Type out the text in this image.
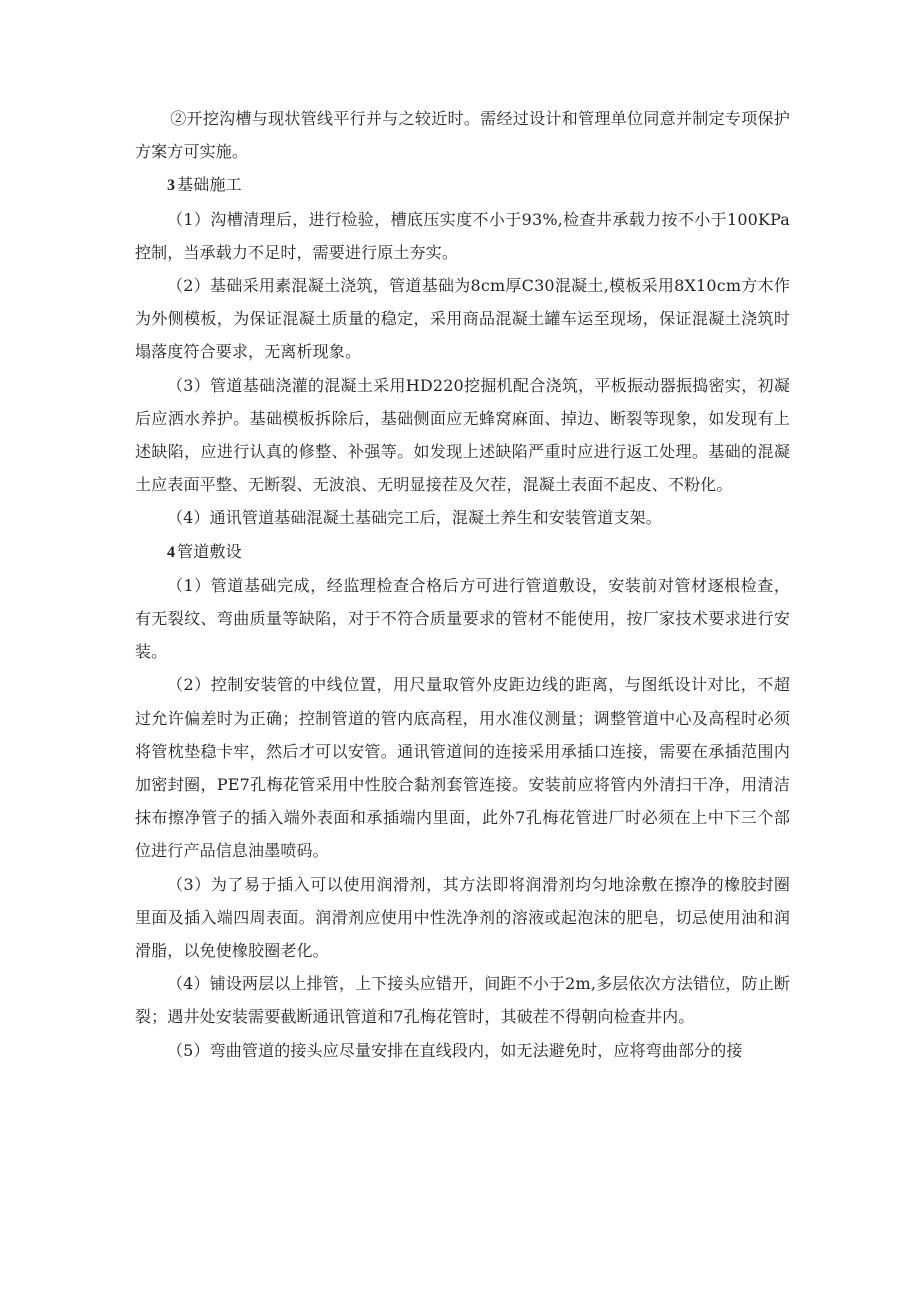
②开挖沟槽与现状管线平行并与之较近时。需经过设计和管理单位同意并制定专项保护方案方可实施。

3 基础施工

（1）沟槽清理后，进行检验，槽底压实度不小于93%,检查井承载力按不小于100KPa控制，当承载力不足时，需要进行原土夯实。

（2）基础采用素混凝土浇筑，管道基础为8cm厚C30混凝土,模板采用8X10cm方木作为外侧模板，为保证混凝土质量的稳定，采用商品混凝土罐车运至现场，保证混凝土浇筑时塌落度符合要求，无离析现象。

（3）管道基础浇灌的混凝土采用HD220挖掘机配合浇筑，平板振动器振捣密实，初凝后应洒水养护。基础模板拆除后，基础侧面应无蜂窝麻面、掉边、断裂等现象，如发现有上述缺陷，应进行认真的修整、补强等。如发现上述缺陷严重时应进行返工处理。基础的混凝土应表面平整、无断裂、无波浪、无明显接茬及欠茬，混凝土表面不起皮、不粉化。

（4）通讯管道基础混凝土基础完工后，混凝土养生和安装管道支架。

4 管道敷设

（1）管道基础完成，经监理检查合格后方可进行管道敷设，安装前对管材逐根检查，有无裂纹、弯曲质量等缺陷，对于不符合质量要求的管材不能使用，按厂家技术要求进行安装。

（2）控制安装管的中线位置，用尺量取管外皮距边线的距离，与图纸设计对比，不超过允许偏差时为正确；控制管道的管内底高程，用水准仪测量；调整管道中心及高程时必须将管枕垫稳卡牢，然后才可以安管。通讯管道间的连接采用承插口连接，需要在承插范围内加密封圈，PE7孔梅花管采用中性胶合黏剂套管连接。安装前应将管内外清扫干净，用清洁抹布擦净管子的插入端外表面和承插端内里面，此外7孔梅花管进厂时必须在上中下三个部位进行产品信息油墨喷码。

（3）为了易于插入可以使用润滑剂，其方法即将润滑剂均匀地涂敷在擦净的橡胶封圈里面及插入端四周表面。润滑剂应使用中性洗净剂的溶液或起泡沫的肥皂，切忌使用油和润滑脂，以免使橡胶圈老化。

（4）铺设两层以上排管，上下接头应错开，间距不小于2m,多层依次方法错位，防止断裂；遇井处安装需要截断通讯管道和7孔梅花管时，其破茬不得朝向检查井内。

（5）弯曲管道的接头应尽量安排在直线段内，如无法避免时，应将弯曲部分的接
